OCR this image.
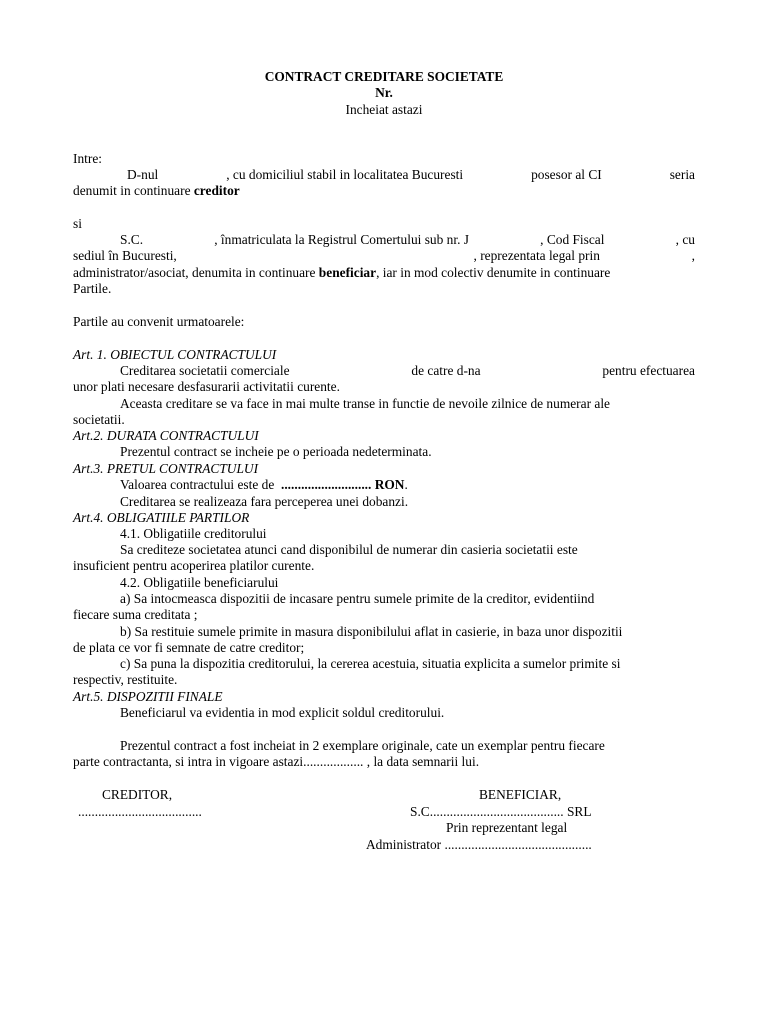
CONTRACT CREDITARE SOCIETATE
Nr.
Incheiat astazi
Intre:
D-nul	, cu domiciliul stabil in localitatea Bucuresti	posesor al CI	seria
denumit in continuare creditor
si
S.C.	, înmatriculata la Registrul Comertului sub nr. J	, Cod Fiscal	, cu
sediul în Bucuresti,	, reprezentata legal prin	,
administrator/asociat, denumita in continuare beneficiar, iar in mod colectiv denumite in continuare
Partile.
Partile au convenit urmatoarele:
Art. 1. OBIECTUL CONTRACTULUI
Creditarea societatii comerciale	de catre d-na	pentru efectuarea
unor plati necesare desfasurarii activitatii curente.
Aceasta creditare se va face in mai multe transe in functie de nevoile zilnice de numerar ale
societatii.
Art.2. DURATA CONTRACTULUI
Prezentul contract se incheie pe o perioada nedeterminata.
Art.3. PRETUL CONTRACTULUI
Valoarea contractului este de  ........................... RON.
Creditarea se realizeaza fara perceperea unei dobanzi.
Art.4. OBLIGATIILE PARTILOR
4.1. Obligatiile creditorului
Sa crediteze societatea atunci cand disponibilul de numerar din casieria societatii este
insuficient pentru acoperirea platilor curente.
4.2. Obligatiile beneficiarului
a) Sa intocmeasca dispozitii de incasare pentru sumele primite de la creditor, evidentiind
fiecare suma creditata ;
b) Sa restituie sumele primite in masura disponibilului aflat in casierie, in baza unor dispozitii
de plata ce vor fi semnate de catre creditor;
c) Sa puna la dispozitia creditorului, la cererea acestuia, situatia explicita a sumelor primite si
respectiv, restituite.
Art.5. DISPOZITII FINALE
Beneficiarul va evidentia in mod explicit soldul creditorului.
Prezentul contract a fost incheiat in 2 exemplare originale, cate un exemplar pentru fiecare
parte contractanta, si intra in vigoare astazi.................. , la data semnarii lui.
CREDITOR,
.....................................
BENEFICIAR,
S.C........................................ SRL
Prin reprezentant legal
Administrator ............................................
